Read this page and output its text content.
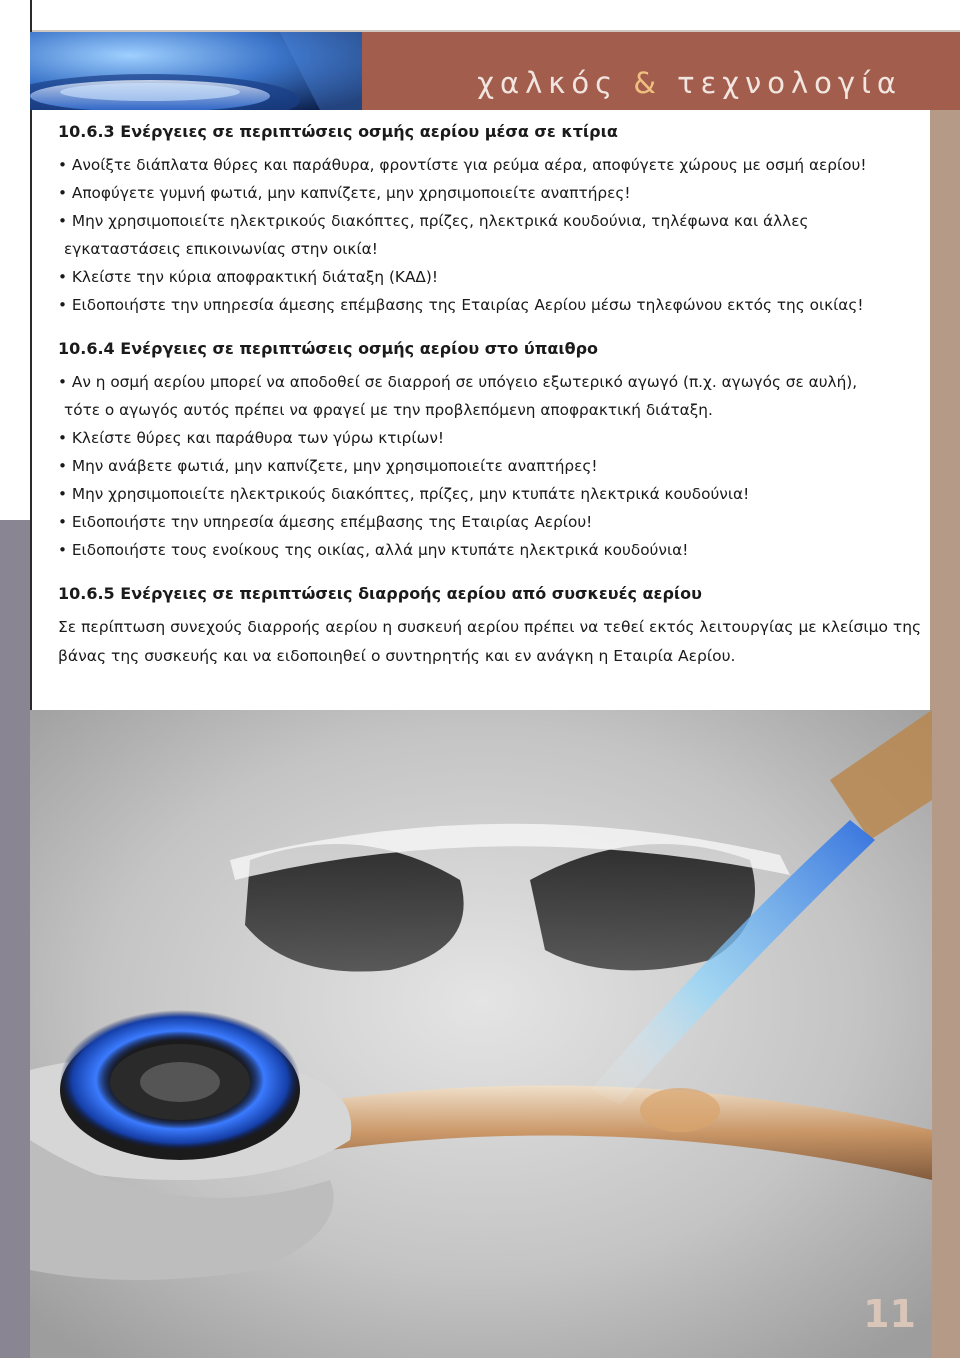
χαλκός & τεχνολογία
10.6.3 Ενέργειες σε περιπτώσεις οσμής αερίου μέσα σε κτίρια
• Ανοίξτε διάπλατα θύρες και παράθυρα, φροντίστε για ρεύμα αέρα, αποφύγετε χώρους με οσμή αερίου!
• Αποφύγετε γυμνή φωτιά, μην καπνίζετε, μην χρησιμοποιείτε αναπτήρες!
• Μην χρησιμοποιείτε ηλεκτρικούς διακόπτες, πρίζες, ηλεκτρικά κουδούνια, τηλέφωνα και άλλες
εγκαταστάσεις επικοινωνίας στην οικία!
• Κλείστε την κύρια αποφρακτική διάταξη (ΚΑΔ)!
• Ειδοποιήστε την υπηρεσία άμεσης επέμβασης της Εταιρίας Αερίου μέσω τηλεφώνου εκτός της οικίας!
10.6.4 Ενέργειες σε περιπτώσεις οσμής αερίου στο ύπαιθρο
• Αν η οσμή αερίου μπορεί να αποδοθεί σε διαρροή σε υπόγειο εξωτερικό αγωγό (π.χ. αγωγός σε αυλή),
τότε ο αγωγός αυτός πρέπει να φραγεί με την προβλεπόμενη αποφρακτική διάταξη.
• Κλείστε θύρες και παράθυρα των γύρω κτιρίων!
• Μην ανάβετε φωτιά, μην καπνίζετε, μην χρησιμοποιείτε αναπτήρες!
• Μην χρησιμοποιείτε ηλεκτρικούς διακόπτες, πρίζες, μην κτυπάτε ηλεκτρικά κουδούνια!
• Ειδοποιήστε την υπηρεσία άμεσης επέμβασης της Εταιρίας Αερίου!
• Ειδοποιήστε τους ενοίκους της οικίας, αλλά μην κτυπάτε ηλεκτρικά κουδούνια!
10.6.5 Ενέργειες σε περιπτώσεις διαρροής αερίου από συσκευές αερίου
Σε περίπτωση συνεχούς διαρροής αερίου η συσκευή αερίου πρέπει να τεθεί εκτός λειτουργίας με κλείσιμο της
βάνας της συσκευής και να ειδοποιηθεί ο συντηρητής και εν ανάγκη η Εταιρία Αερίου.
11
